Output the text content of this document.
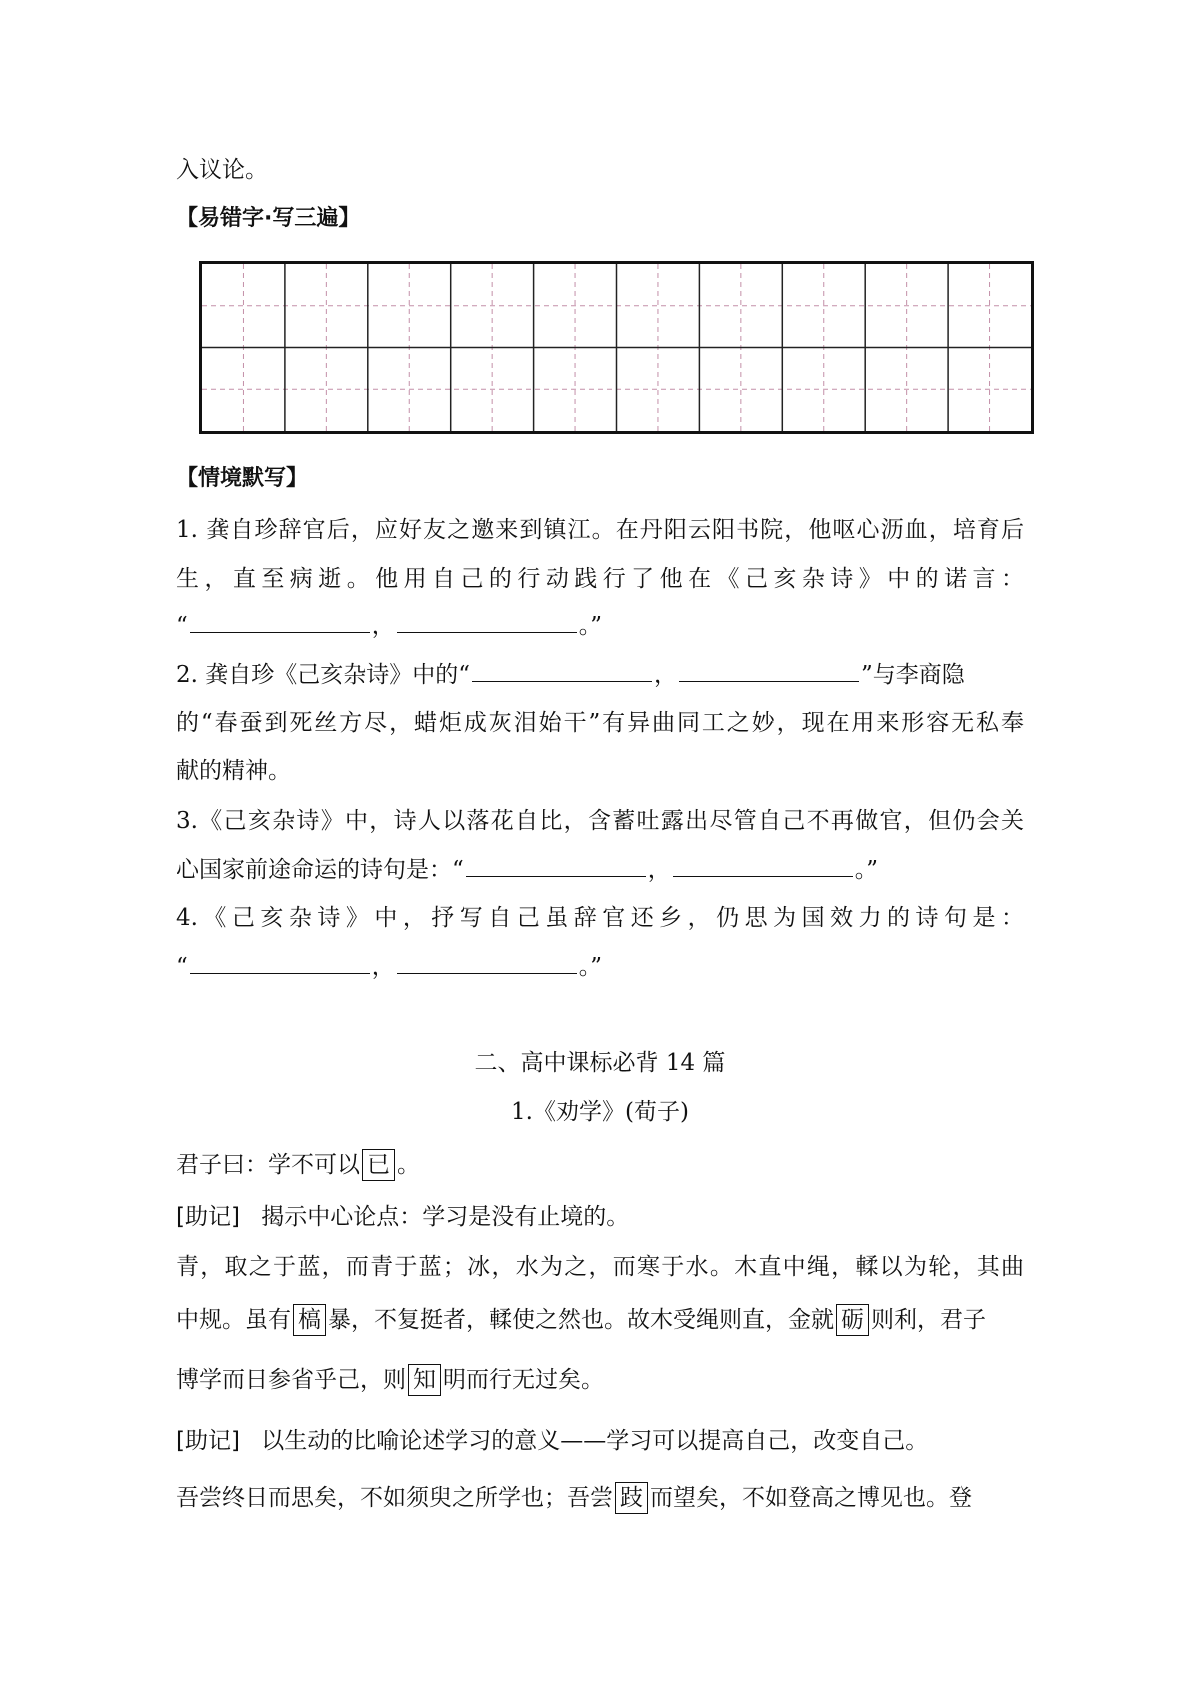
入议论。
【易错字·写三遍】
【情境默写】
1. 龚自珍辞官后，应好友之邀来到镇江。在丹阳云阳书院，他呕心沥血，培育后
生，直至病逝。他用自己的行动践行了他在《己亥杂诗》中的诺言：
“	，	。”
2. 龚自珍《己亥杂诗》中的“	，	”与李商隐
的“春蚕到死丝方尽，蜡炬成灰泪始干”有异曲同工之妙，现在用来形容无私奉
献的精神。
3.《己亥杂诗》中，诗人以落花自比，含蓄吐露出尽管自己不再做官，但仍会关
心国家前途命运的诗句是：“	，	。”
4.《己亥杂诗》中，抒写自己虽辞官还乡，仍思为国效力的诗句是：
“	，	。”
二、高中课标必背 14 篇
1.《劝学》(荀子)
君子曰：学不可以 已 。
[助记] 揭示中心论点：学习是没有止境的。
青，取之于蓝，而青于蓝；冰，水为之，而寒于水。木直中绳，輮以为轮，其曲
中规。虽有 槁 暴，不复挺者，輮使之然也。故木受绳则直，金就 砺 则利，君子
博学而日参省乎己，则 知 明而行无过矣。
[助记] 以生动的比喻论述学习的意义——学习可以提高自己，改变自己。
吾尝终日而思矣，不如须臾之所学也；吾尝 跂 而望矣，不如登高之博见也。登
